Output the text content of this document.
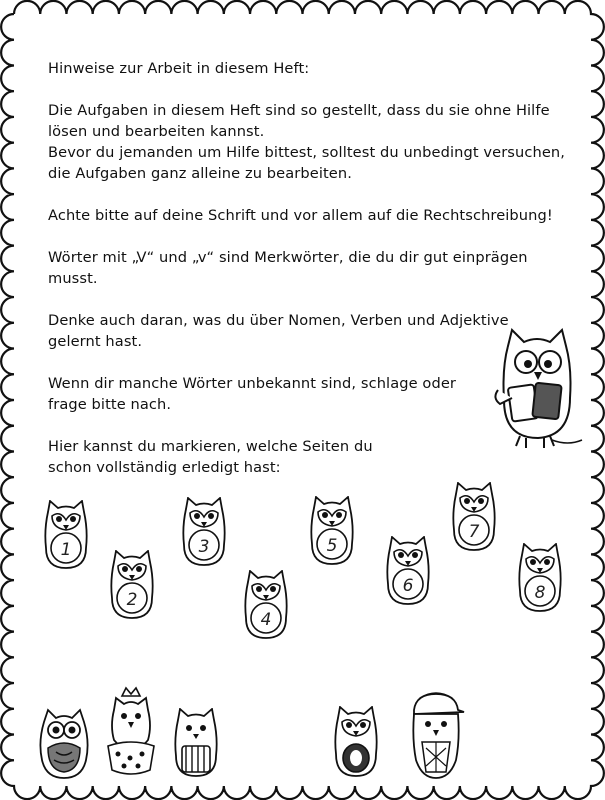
Hinweise zur Arbeit in diesem Heft:

Die Aufgaben in diesem Heft sind so gestellt, dass du sie ohne Hilfe
lösen und bearbeiten kannst.
Bevor du jemanden um Hilfe bittest, solltest du unbedingt versuchen,
die Aufgaben ganz alleine zu bearbeiten.

Achte bitte auf deine Schrift und vor allem auf die Rechtschreibung!

Wörter mit „V“ und „v“ sind Merkwörter, die du dir gut einprägen
musst.

Denke auch daran, was du über Nomen, Verben und Adjektive
gelernt hast.

Wenn dir manche Wörter unbekannt sind, schlage oder
frage bitte nach.

Hier kannst du markieren, welche Seiten du
schon vollständig erledigt hast:

1
2
3
4
5
6
7
8
